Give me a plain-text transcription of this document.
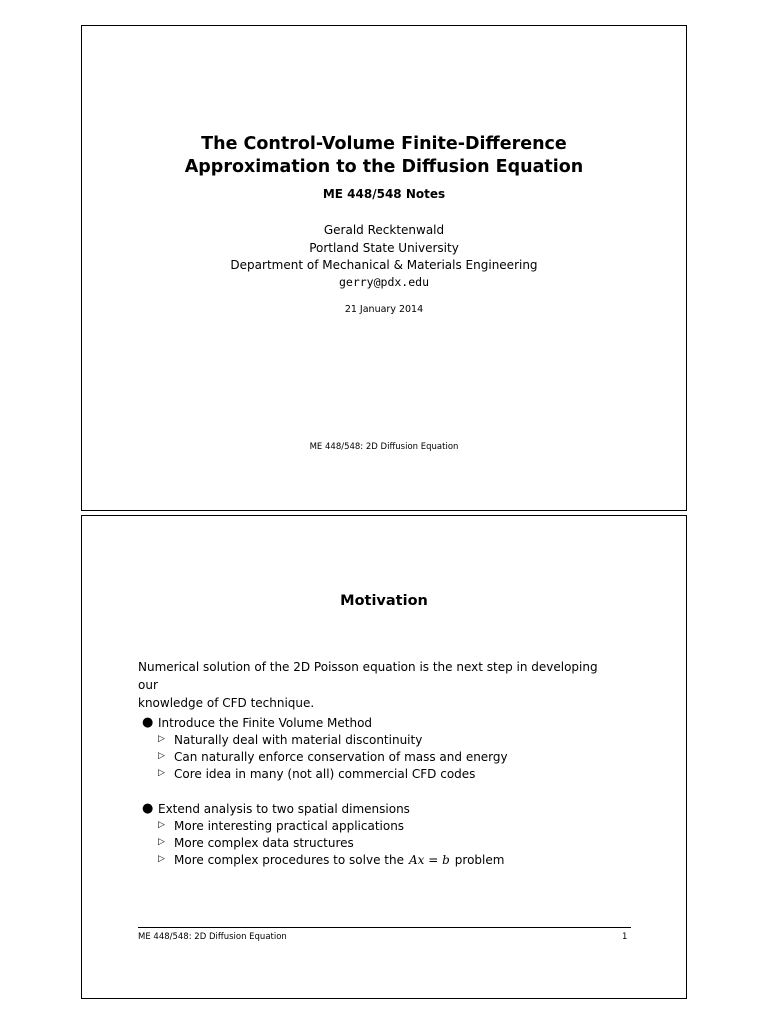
The Control-Volume Finite-Difference
Approximation to the Diffusion Equation
ME 448/548 Notes
Gerald Recktenwald
Portland State University
Department of Mechanical & Materials Engineering
gerry@pdx.edu
21 January 2014
ME 448/548: 2D Diffusion Equation
Motivation
Numerical solution of the 2D Poisson equation is the next step in developing our
knowledge of CFD technique.
● Introduce the Finite Volume Method
▷ Naturally deal with material discontinuity
▷ Can naturally enforce conservation of mass and energy
▷ Core idea in many (not all) commercial CFD codes
● Extend analysis to two spatial dimensions
▷ More interesting practical applications
▷ More complex data structures
▷ More complex procedures to solve the Ax = b problem
ME 448/548: 2D Diffusion Equation	1
